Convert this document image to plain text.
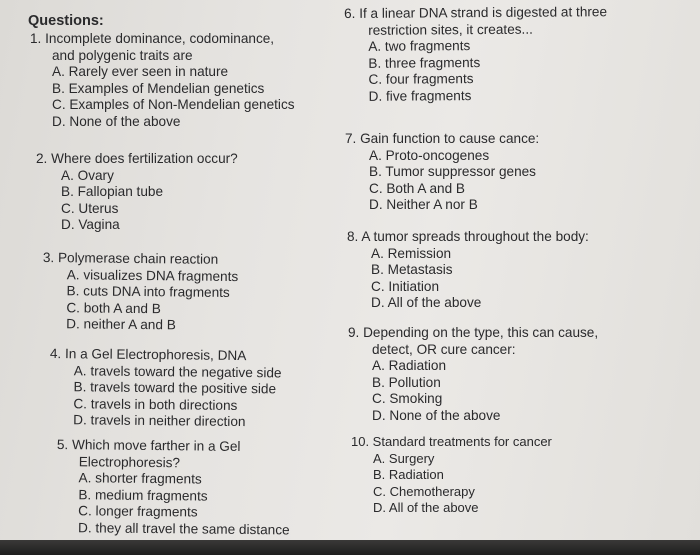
Questions:
1. Incomplete dominance, codominance,
and polygenic traits are
A. Rarely ever seen in nature
B. Examples of Mendelian genetics
C. Examples of Non-Mendelian genetics
D. None of the above
2. Where does fertilization occur?
A. Ovary
B. Fallopian tube
C. Uterus
D. Vagina
3. Polymerase chain reaction
A. visualizes DNA fragments
B. cuts DNA into fragments
C. both A and B
D. neither A and B
4. In a Gel Electrophoresis, DNA
A. travels toward the negative side
B. travels toward the positive side
C. travels in both directions
D. travels in neither direction
5. Which move farther in a Gel
Electrophoresis?
A. shorter fragments
B. medium fragments
C. longer fragments
D. they all travel the same distance
6. If a linear DNA strand is digested at three
restriction sites, it creates...
A. two fragments
B. three fragments
C. four fragments
D. five fragments
7. Gain function to cause cance:
A. Proto-oncogenes
B. Tumor suppressor genes
C. Both A and B
D. Neither A nor B
8. A tumor spreads throughout the body:
A. Remission
B. Metastasis
C. Initiation
D. All of the above
9. Depending on the type, this can cause,
detect, OR cure cancer:
A. Radiation
B. Pollution
C. Smoking
D. None of the above
10. Standard treatments for cancer
A. Surgery
B. Radiation
C. Chemotherapy
D. All of the above
